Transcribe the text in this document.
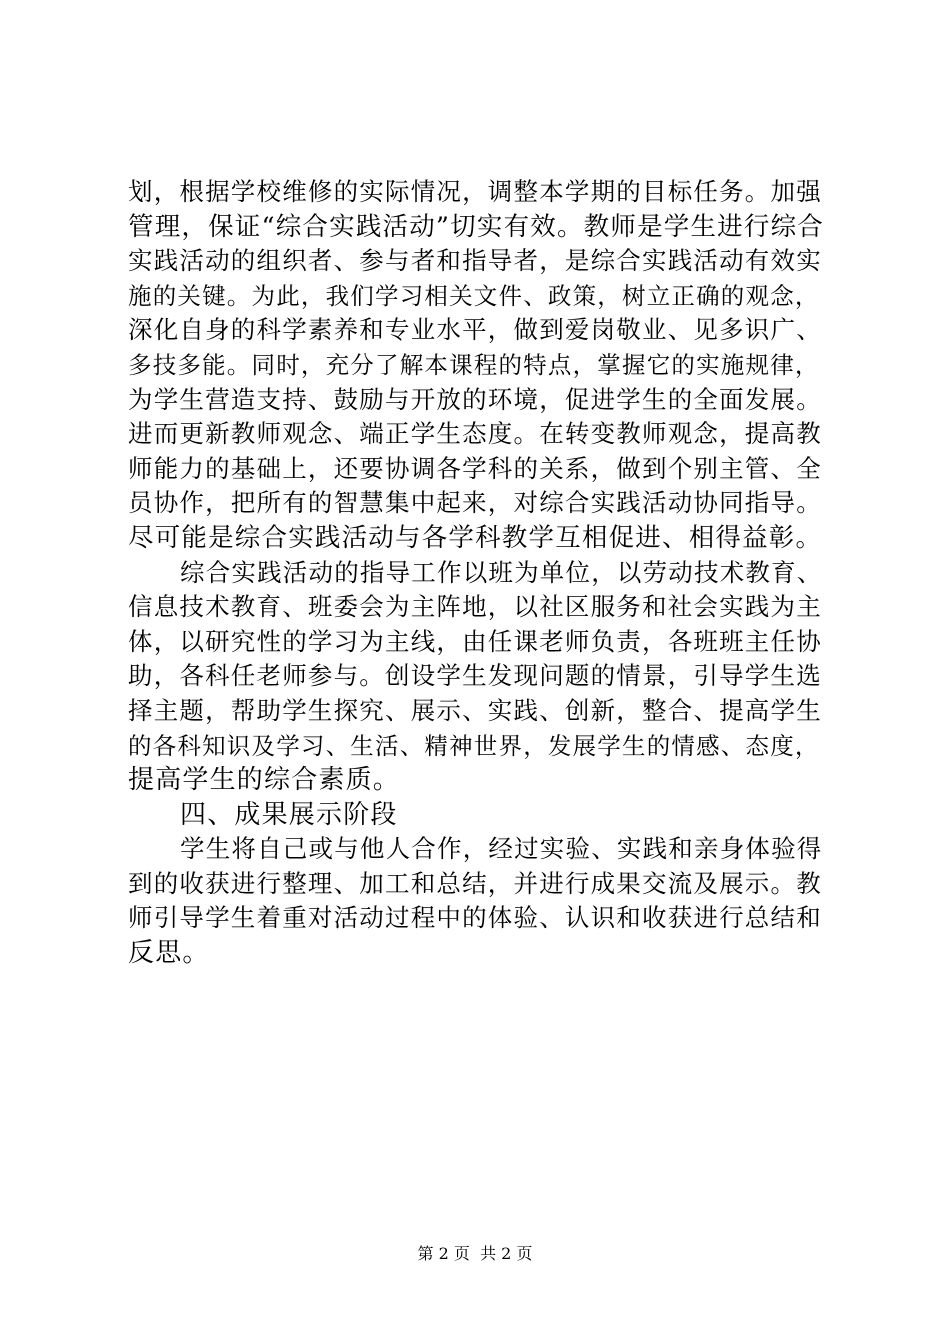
划，根据学校维修的实际情况，调整本学期的目标任务。加强
管理，保证“综合实践活动”切实有效。教师是学生进行综合
实践活动的组织者、参与者和指导者，是综合实践活动有效实
施的关键。为此，我们学习相关文件、政策，树立正确的观念，
深化自身的科学素养和专业水平，做到爱岗敬业、见多识广、
多技多能。同时，充分了解本课程的特点，掌握它的实施规律，
为学生营造支持、鼓励与开放的环境，促进学生的全面发展。
进而更新教师观念、端正学生态度。在转变教师观念，提高教
师能力的基础上，还要协调各学科的关系，做到个别主管、全
员协作，把所有的智慧集中起来，对综合实践活动协同指导。
尽可能是综合实践活动与各学科教学互相促进、相得益彰。
综合实践活动的指导工作以班为单位，以劳动技术教育、
信息技术教育、班委会为主阵地，以社区服务和社会实践为主
体，以研究性的学习为主线，由任课老师负责，各班班主任协
助，各科任老师参与。创设学生发现问题的情景，引导学生选
择主题，帮助学生探究、展示、实践、创新，整合、提高学生
的各科知识及学习、生活、精神世界，发展学生的情感、态度，
提高学生的综合素质。
四、成果展示阶段
学生将自己或与他人合作，经过实验、实践和亲身体验得
到的收获进行整理、加工和总结，并进行成果交流及展示。教
师引导学生着重对活动过程中的体验、认识和收获进行总结和
反思。
第 2 页  共 2 页
